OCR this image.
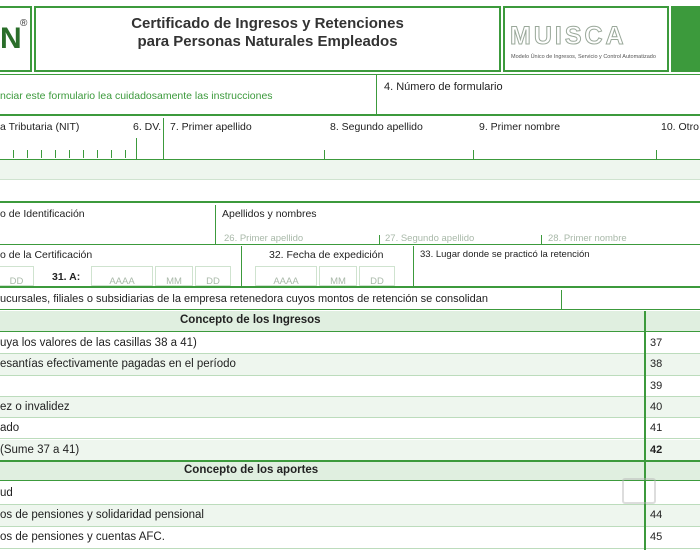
N
®	Certificado de Ingresos y Retenciones
para Personas Naturales Empleados	MUISCA
Modelo Único de Ingresos, Servicio y Control Automatizado
nciar este formulario lea cuidadosamente las instrucciones
4. Número de formulario
a Tributaria (NIT)	6. DV. 7. Primer apellido	8. Segundo apellido	9. Primer nombre	10. Otro
o de Identificación	Apellidos y nombres
26. Primer apellido	27. Segundo apellido	28. Primer nombre
o de la Certificación
DD	31. A:	AAAA	MM	DD
32. Fecha de expedición
AAAA	MM	DD
33. Lugar donde se practicó la retención
ucursales, filiales o subsidiarias de la empresa retenedora cuyos montos de retención se consolidan
Concepto de los Ingresos
uya los valores de las casillas 38 a 41)	37
esantías efectivamente pagadas en el período	38
39
ez o invalidez	40
ado	41
(Sume 37 a 41)	42
Concepto de los aportes
ud
os de pensiones y solidaridad pensional	44
os de pensiones y cuentas AFC.	45
